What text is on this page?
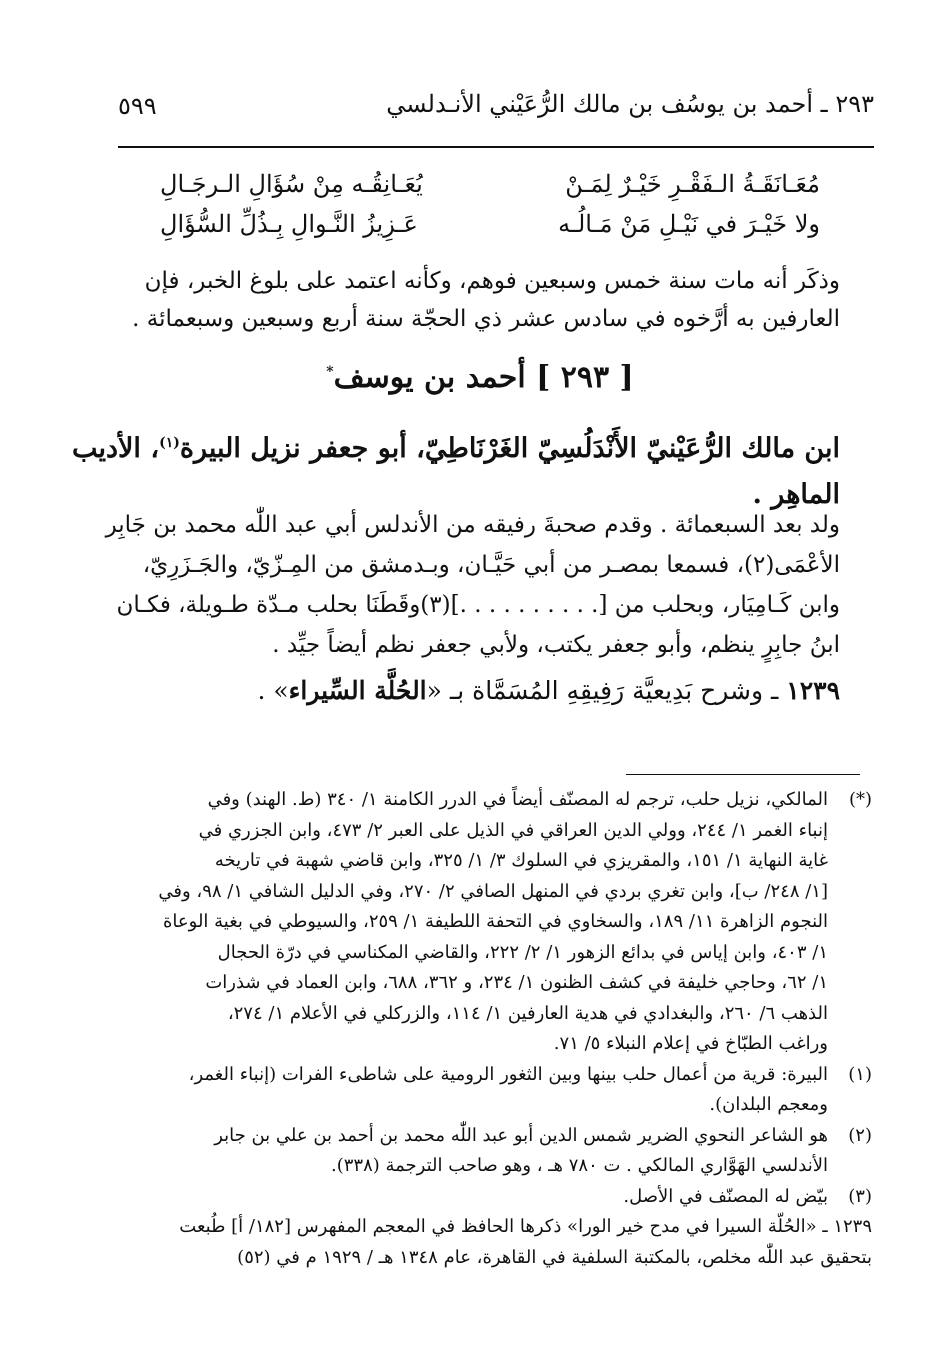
٥٩٩	٢٩٣ ـ أحمد بن يوسُف بن مالك الرُّعَيْني الأنـدلسي
مُعَـانَقَـةُ الـفَقْـرِ خَيْـرٌ لِمَـنْ
يُعَـانِقُـه مِنْ سُؤَالِ الـرجَـالِ
ولا خَيْـرَ في نَيْـلِ مَنْ مَـالُـه
عَـزِيزُ النَّـوالِ بِـذُلِّ السُّؤَالِ
وذكَر أنه مات سنة خمس وسبعين فوهم، وكأنه اعتمد على بلوغ الخبر، فإن
العارفين به أرَّخوه في سادس عشر ذي الحجّة سنة أربع وسبعين وسبعمائة .
[ ٢٩٣ ] أحمد بن يوسف*
ابن مالك الرُّعَيْنيّ الأَنْدَلُسِيّ الغَرْنَاطِيّ، أبو جعفر نزيل البيرة$^{(١)}$، الأديب
الماهِر .
ولد بعد السبعمائة . وقدم صحبةَ رفيقه من الأندلس أبي عبد اللّٰه محمد بن جَابِر
الأعْمَى(٢)، فسمعا بمصـر من أبي حَيَّـان، وبـدمشق من المِـزّيّ، والجَـزَرِيّ،
وابن كَـامِيَار، وبحلب من [. . . . . . . . . .](٣)وقَطَنَا بحلب مـدّة طـويلة، فكـان
ابنُ جابِرٍ ينظم، وأبو جعفر يكتب، ولأبي جعفر نظم أيضاً جيِّد .
١٢٣٩ ـ وشرح بَدِيعيَّة رَفِيقِهِ المُسَمَّاة بـ «الحُلَّة السِّيراء» .
(*)
المالكي، نزيل حلب، ترجم له المصنّف أيضاً في الدرر الكامنة ١/ ٣٤٠ (ط. الهند) وفي
إنباء الغمر ١/ ٢٤٤، وولي الدين العراقي في الذيل على العبر ٢/ ٤٧٣، وابن الجزري في
غاية النهاية ١/ ١٥١، والمقريزي في السلوك ٣/ ١/ ٣٢٥، وابن قاضي شهبة في تاريخه
[١/ ٢٤٨/ ب]، وابن تغري بردي في المنهل الصافي ٢/ ٢٧٠، وفي الدليل الشافي ١/ ٩٨، وفي
النجوم الزاهرة ١١/ ١٨٩، والسخاوي في التحفة اللطيفة ١/ ٢٥٩، والسيوطي في بغية الوعاة
١/ ٤٠٣، وابن إياس في بدائع الزهور ١/ ٢/ ٢٢٢، والقاضي المكناسي في درّة الحجال
١/ ٦٢، وحاجي خليفة في كشف الظنون ١/ ٢٣٤، و ٣٦٢، ٦٨٨، وابن العماد في شذرات
الذهب ٦/ ٢٦٠، والبغدادي في هدية العارفين ١/ ١١٤، والزركلي في الأعلام ١/ ٢٧٤،
وراغب الطبّاخ في إعلام النبلاء ٥/ ٧١.
(١)
البيرة: قرية من أعمال حلب بينها وبين الثغور الرومية على شاطىء الفرات (إنباء الغمر،
ومعجم البلدان).
(٢)
هو الشاعر النحوي الضرير شمس الدين أبو عبد اللّٰه محمد بن أحمد بن علي بن جابر
الأندلسي الهَوَّاري المالكي . ت ٧٨٠ هـ ، وهو صاحب الترجمة (٣٣٨).
(٣)
بيّض له المصنّف في الأصل.
١٢٣٩ ـ «الحُلّة السيرا في مدح خير الورا» ذكرها الحافظ في المعجم المفهرس [١٨٢/ أ] طُبعت
بتحقيق عبد اللّٰه مخلص، بالمكتبة السلفية في القاهرة، عام ١٣٤٨ هـ / ١٩٢٩ م في (٥٢)
